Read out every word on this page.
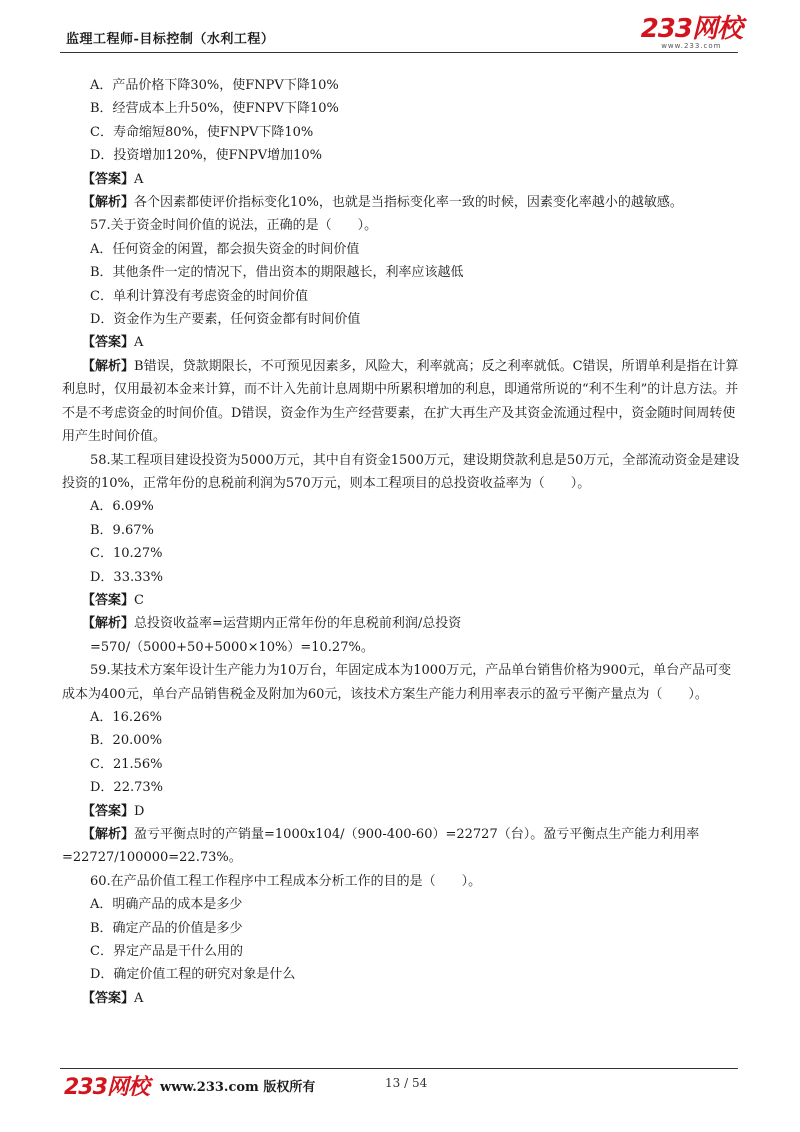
监理工程师-目标控制（水利工程）	233网校
www.233.com

A．产品价格下降30%，使FNPV下降10%

B．经营成本上升50%，使FNPV下降10%

C．寿命缩短80%，使FNPV下降10%

D．投资增加120%，使FNPV增加10%

【答案】A

【解析】各个因素都使评价指标变化10%，也就是当指标变化率一致的时候，因素变化率越小的越敏感。

57.关于资金时间价值的说法，正确的是（　　）。

A．任何资金的闲置，都会损失资金的时间价值

B．其他条件一定的情况下，借出资本的期限越长，利率应该越低

C．单利计算没有考虑资金的时间价值

D．资金作为生产要素，任何资金都有时间价值

【答案】A

【解析】B错误，贷款期限长，不可预见因素多，风险大，利率就高；反之利率就低。C错误，所谓单利是指在计算利息时，仅用最初本金来计算，而不计入先前计息周期中所累积增加的利息，即通常所说的“利不生利”的计息方法。并不是不考虑资金的时间价值。D错误，资金作为生产经营要素，在扩大再生产及其资金流通过程中，资金随时间周转使用产生时间价值。

58.某工程项目建设投资为5000万元，其中自有资金1500万元，建设期贷款利息是50万元，全部流动资金是建设投资的10%，正常年份的息税前利润为570万元，则本工程项目的总投资收益率为（　　）。

A．6.09%

B．9.67%

C．10.27%

D．33.33%

【答案】C

【解析】总投资收益率=运营期内正常年份的年息税前利润/总投资

=570/（5000+50+5000×10%）=10.27%。

59.某技术方案年设计生产能力为10万台，年固定成本为1000万元，产品单台销售价格为900元，单台产品可变成本为400元，单台产品销售税金及附加为60元，该技术方案生产能力利用率表示的盈亏平衡产量点为（　　）。

A．16.26%

B．20.00%

C．21.56%

D．22.73%

【答案】D

【解析】盈亏平衡点时的产销量=1000x104/（900-400-60）=22727（台）。盈亏平衡点生产能力利用率=22727/100000=22.73%。

60.在产品价值工程工作程序中工程成本分析工作的目的是（　　）。

A．明确产品的成本是多少

B．确定产品的价值是多少

C．界定产品是干什么用的

D．确定价值工程的研究对象是什么

【答案】A

233网校 www.233.com 版权所有	13 / 54
